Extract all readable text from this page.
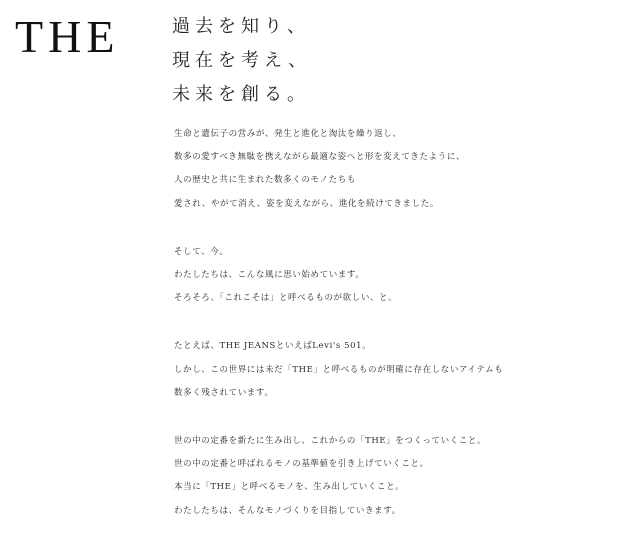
THE	過去を知り、
現在を考え、
未来を創る。

生命と遺伝子の営みが、発生と進化と淘汰を繰り返し、
数多の愛すべき無駄を携えながら最適な姿へと形を変えてきたように、
人の歴史と共に生まれた数多くのモノたちも
愛され、やがて消え、姿を変えながら、進化を続けてきました。

そして、今。
わたしたちは、こんな風に思い始めています。
そろそろ、「これこそは」と呼べるものが欲しい、と。

たとえば、THE JEANSといえばLevi's 501。
しかし、この世界には未だ「THE」と呼べるものが明確に存在しないアイテムも
数多く残されています。

世の中の定番を新たに生み出し、これからの「THE」をつくっていくこと。
世の中の定番と呼ばれるモノの基準値を引き上げていくこと。
本当に「THE」と呼べるモノを、生み出していくこと。
わたしたちは、そんなモノづくりを目指していきます。
